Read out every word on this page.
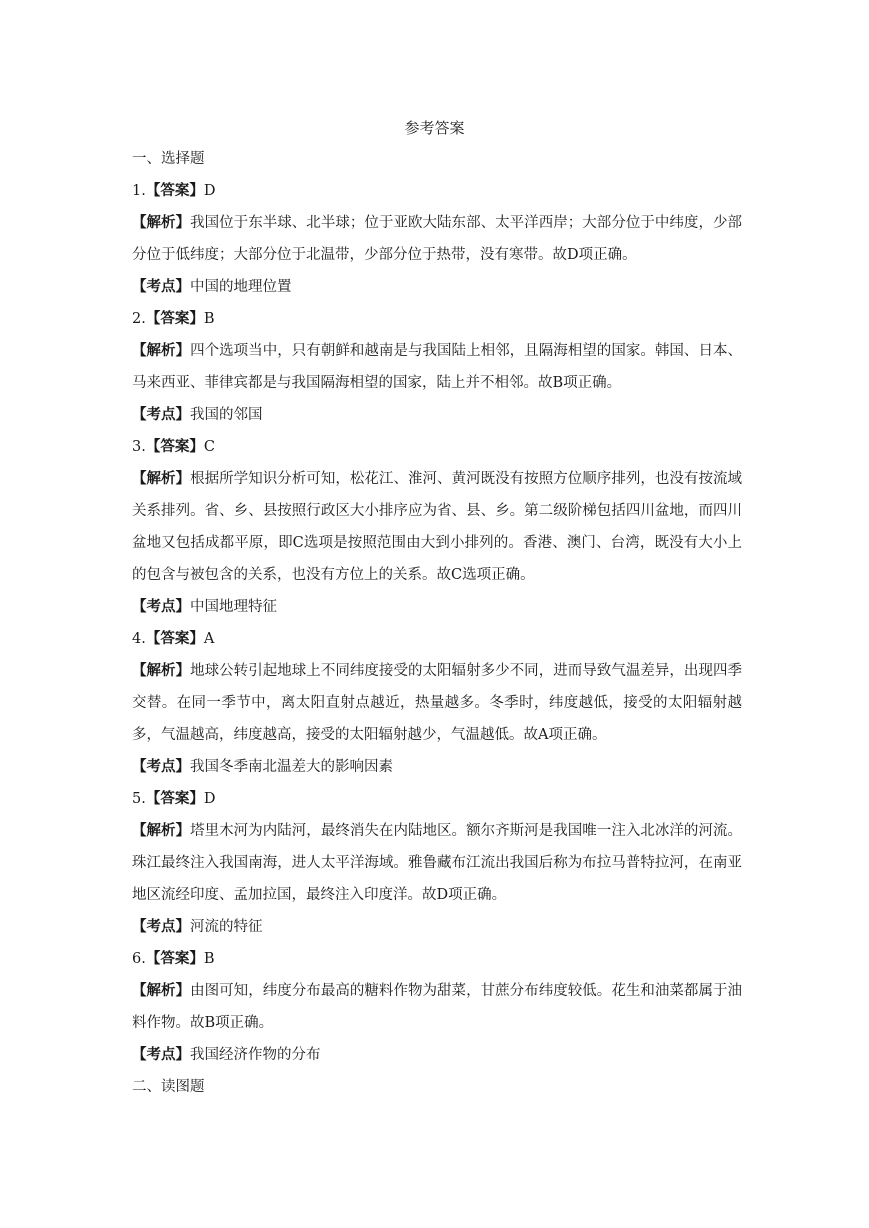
参考答案
一、选择题
1.【答案】D
【解析】我国位于东半球、北半球；位于亚欧大陆东部、太平洋西岸；大部分位于中纬度，少部分位于低纬度；大部分位于北温带，少部分位于热带，没有寒带。故D项正确。
【考点】中国的地理位置
2.【答案】B
【解析】四个选项当中，只有朝鲜和越南是与我国陆上相邻，且隔海相望的国家。韩国、日本、马来西亚、菲律宾都是与我国隔海相望的国家，陆上并不相邻。故B项正确。
【考点】我国的邻国
3.【答案】C
【解析】根据所学知识分析可知，松花江、淮河、黄河既没有按照方位顺序排列，也没有按流域关系排列。省、乡、县按照行政区大小排序应为省、县、乡。第二级阶梯包括四川盆地，而四川盆地又包括成都平原，即C选项是按照范围由大到小排列的。香港、澳门、台湾，既没有大小上的包含与被包含的关系，也没有方位上的关系。故C选项正确。
【考点】中国地理特征
4.【答案】A
【解析】地球公转引起地球上不同纬度接受的太阳辐射多少不同，进而导致气温差异，出现四季交替。在同一季节中，离太阳直射点越近，热量越多。冬季时，纬度越低，接受的太阳辐射越多，气温越高，纬度越高，接受的太阳辐射越少，气温越低。故A项正确。
【考点】我国冬季南北温差大的影响因素
5.【答案】D
【解析】塔里木河为内陆河，最终消失在内陆地区。额尔齐斯河是我国唯一注入北冰洋的河流。珠江最终注入我国南海，进人太平洋海域。雅鲁藏布江流出我国后称为布拉马普特拉河，在南亚地区流经印度、孟加拉国，最终注入印度洋。故D项正确。
【考点】河流的特征
6.【答案】B
【解析】由图可知，纬度分布最高的糖料作物为甜菜，甘蔗分布纬度较低。花生和油菜都属于油料作物。故B项正确。
【考点】我国经济作物的分布
二、读图题
